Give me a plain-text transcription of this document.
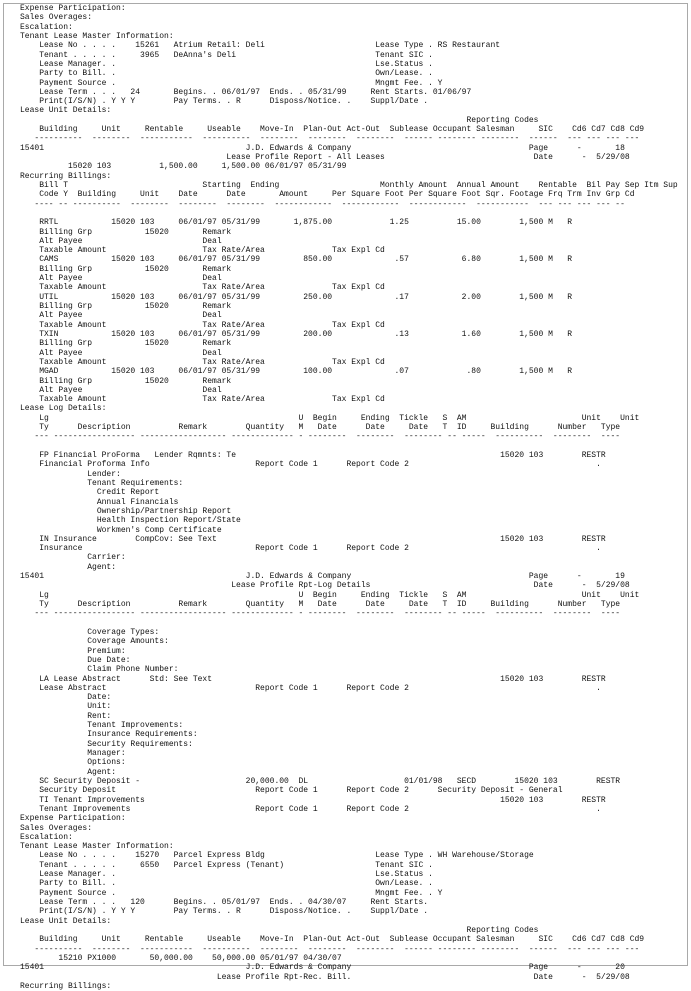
Expense Participation:
Sales Overages:
Escalation:
Tenant Lease Master Information:
Lease No . . . .    15261   Atrium Retail: Deli                       Lease Type . RS Restaurant
Tenant . . . . .     3965   DeAnna's Deli                             Tenant SIC .
Lease Manager. .                                                      Lse.Status .
Party to Bill. .                                                      Own/Lease. .
Payment Source .                                                      Mngmt Fee. . Y
Lease Term . . .   24       Begins. . 06/01/97  Ends. . 05/31/99     Rent Starts. 01/06/97
Print(I/S/N) . Y Y Y        Pay Terms. . R      Disposs/Notice. .    Suppl/Date .
Lease Unit Details:
Reporting Codes
Building     Unit     Rentable     Useable    Move-In  Plan-Out Act-Out  Sublease Occupant Salesman     SIC    Cd6 Cd7 Cd8 Cd9
----------  --------  -----------  ----------  --------  --------  --------  ------ -------- --------  ------  --- --- --- ---
15401                                          J.D. Edwards & Company                                     Page      -       18
Lease Profile Report - All Leases                               Date      -  5/29/08
15020 103          1,500.00     1,500.00 06/01/97 05/31/99
Recurring Billings:
Bill T                            Starting  Ending                     Monthly Amount  Annual Amount    Rentable  Bil Pay Sep Itm Sup
Code Y  Building     Unit    Date      Date       Amount     Per Square Foot Per Square Foot Sqr. Footage Frq Trm Inv Grp Cd
---- -- ----------  --------  --------  --------  ------------  ------------  ------------  -----------  --- --- --- --- --
RRTL           15020 103     06/01/97 05/31/99       1,875.00            1.25          15.00        1,500 M   R
Billing Grp           15020       Remark
Alt Payee                         Deal
Taxable Amount                    Tax Rate/Area              Tax Expl Cd
CAMS           15020 103     06/01/97 05/31/99         850.00             .57           6.80        1,500 M   R
Billing Grp           15020       Remark
Alt Payee                         Deal
Taxable Amount                    Tax Rate/Area              Tax Expl Cd
UTIL           15020 103     06/01/97 05/31/99         250.00             .17           2.00        1,500 M   R
Billing Grp           15020       Remark
Alt Payee                         Deal
Taxable Amount                    Tax Rate/Area              Tax Expl Cd
TXIN           15020 103     06/01/97 05/31/99         200.00             .13           1.60        1,500 M   R
Billing Grp           15020       Remark
Alt Payee                         Deal
Taxable Amount                    Tax Rate/Area              Tax Expl Cd
MGAD           15020 103     06/01/97 05/31/99         100.00             .07            .80        1,500 M   R
Billing Grp           15020       Remark
Alt Payee                         Deal
Taxable Amount                    Tax Rate/Area              Tax Expl Cd
Lease Log Details:
Lg                                                    U  Begin     Ending  Tickle   S  AM                        Unit    Unit
Ty      Description          Remark        Quantity   M   Date      Date     Date   T  ID     Building      Number   Type
--- ----------------- ------------------ ------------- - --------  --------  -------- -- -----  ----------  --------  ----
FP Financial ProForma   Lender Rqmnts: Te                                                       15020 103        RESTR
Financial Proforma Info                      Report Code 1      Report Code 2                                       .
Lender:
Tenant Requirements:
Credit Report
Annual Financials
Ownership/Partnership Report
Health Inspection Report/State
Workmen's Comp Certificate
IN Insurance        CompCov: See Text                                                           15020 103        RESTR
Insurance                                    Report Code 1      Report Code 2                                       .
Carrier:
Agent:
15401                                          J.D. Edwards & Company                                     Page      -       19
Lease Profile Rpt-Log Details                                  Date      -  5/29/08
Lg                                                    U  Begin     Ending  Tickle   S  AM                        Unit    Unit
Ty      Description          Remark        Quantity   M   Date      Date     Date   T  ID     Building      Number   Type
--- ----------------- ------------------ ------------- - --------  --------  -------- -- -----  ----------  --------  ----
Coverage Types:
Coverage Amounts:
Premium:
Due Date:
Claim Phone Number:
LA Lease Abstract      Std: See Text                                                            15020 103        RESTR
Lease Abstract                               Report Code 1      Report Code 2                                       .
Date:
Unit:
Rent:
Tenant Improvements:
Insurance Requirements:
Security Requirements:
Manager:
Options:
Agent:
SC Security Deposit -                      20,000.00  DL                    01/01/98   SECD        15020 103        RESTR
Security Deposit                             Report Code 1      Report Code 2      Security Deposit - General
TI Tenant Improvements                                                                          15020 103        RESTR
Tenant Improvements                          Report Code 1      Report Code 2                                       .
Expense Participation:
Sales Overages:
Escalation:
Tenant Lease Master Information:
Lease No . . . .    15270   Parcel Express Bldg                       Lease Type . WH Warehouse/Storage
Tenant . . . . .     6550   Parcel Express (Tenant)                   Tenant SIC .
Lease Manager. .                                                      Lse.Status .
Party to Bill. .                                                      Own/Lease. .
Payment Source .                                                      Mngmt Fee. . Y
Lease Term . . .   120      Begins. . 05/01/97  Ends. . 04/30/07     Rent Starts.
Print(I/S/N) . Y Y Y        Pay Terms. . R      Disposs/Notice. .    Suppl/Date .
Lease Unit Details:
Reporting Codes
Building     Unit     Rentable     Useable    Move-In  Plan-Out Act-Out  Sublease Occupant Salesman     SIC    Cd6 Cd7 Cd8 Cd9
----------  --------  -----------  ----------  --------  --------  --------  ------ -------- --------  ------  --- --- --- ---
15210 PX1000       50,000.00    50,000.00 05/01/97 04/30/07
15401                                          J.D. Edwards & Company                                     Page      -       20
Lease Profile Rpt-Rec. Bill.                                      Date      -  5/29/08
Recurring Billings:
